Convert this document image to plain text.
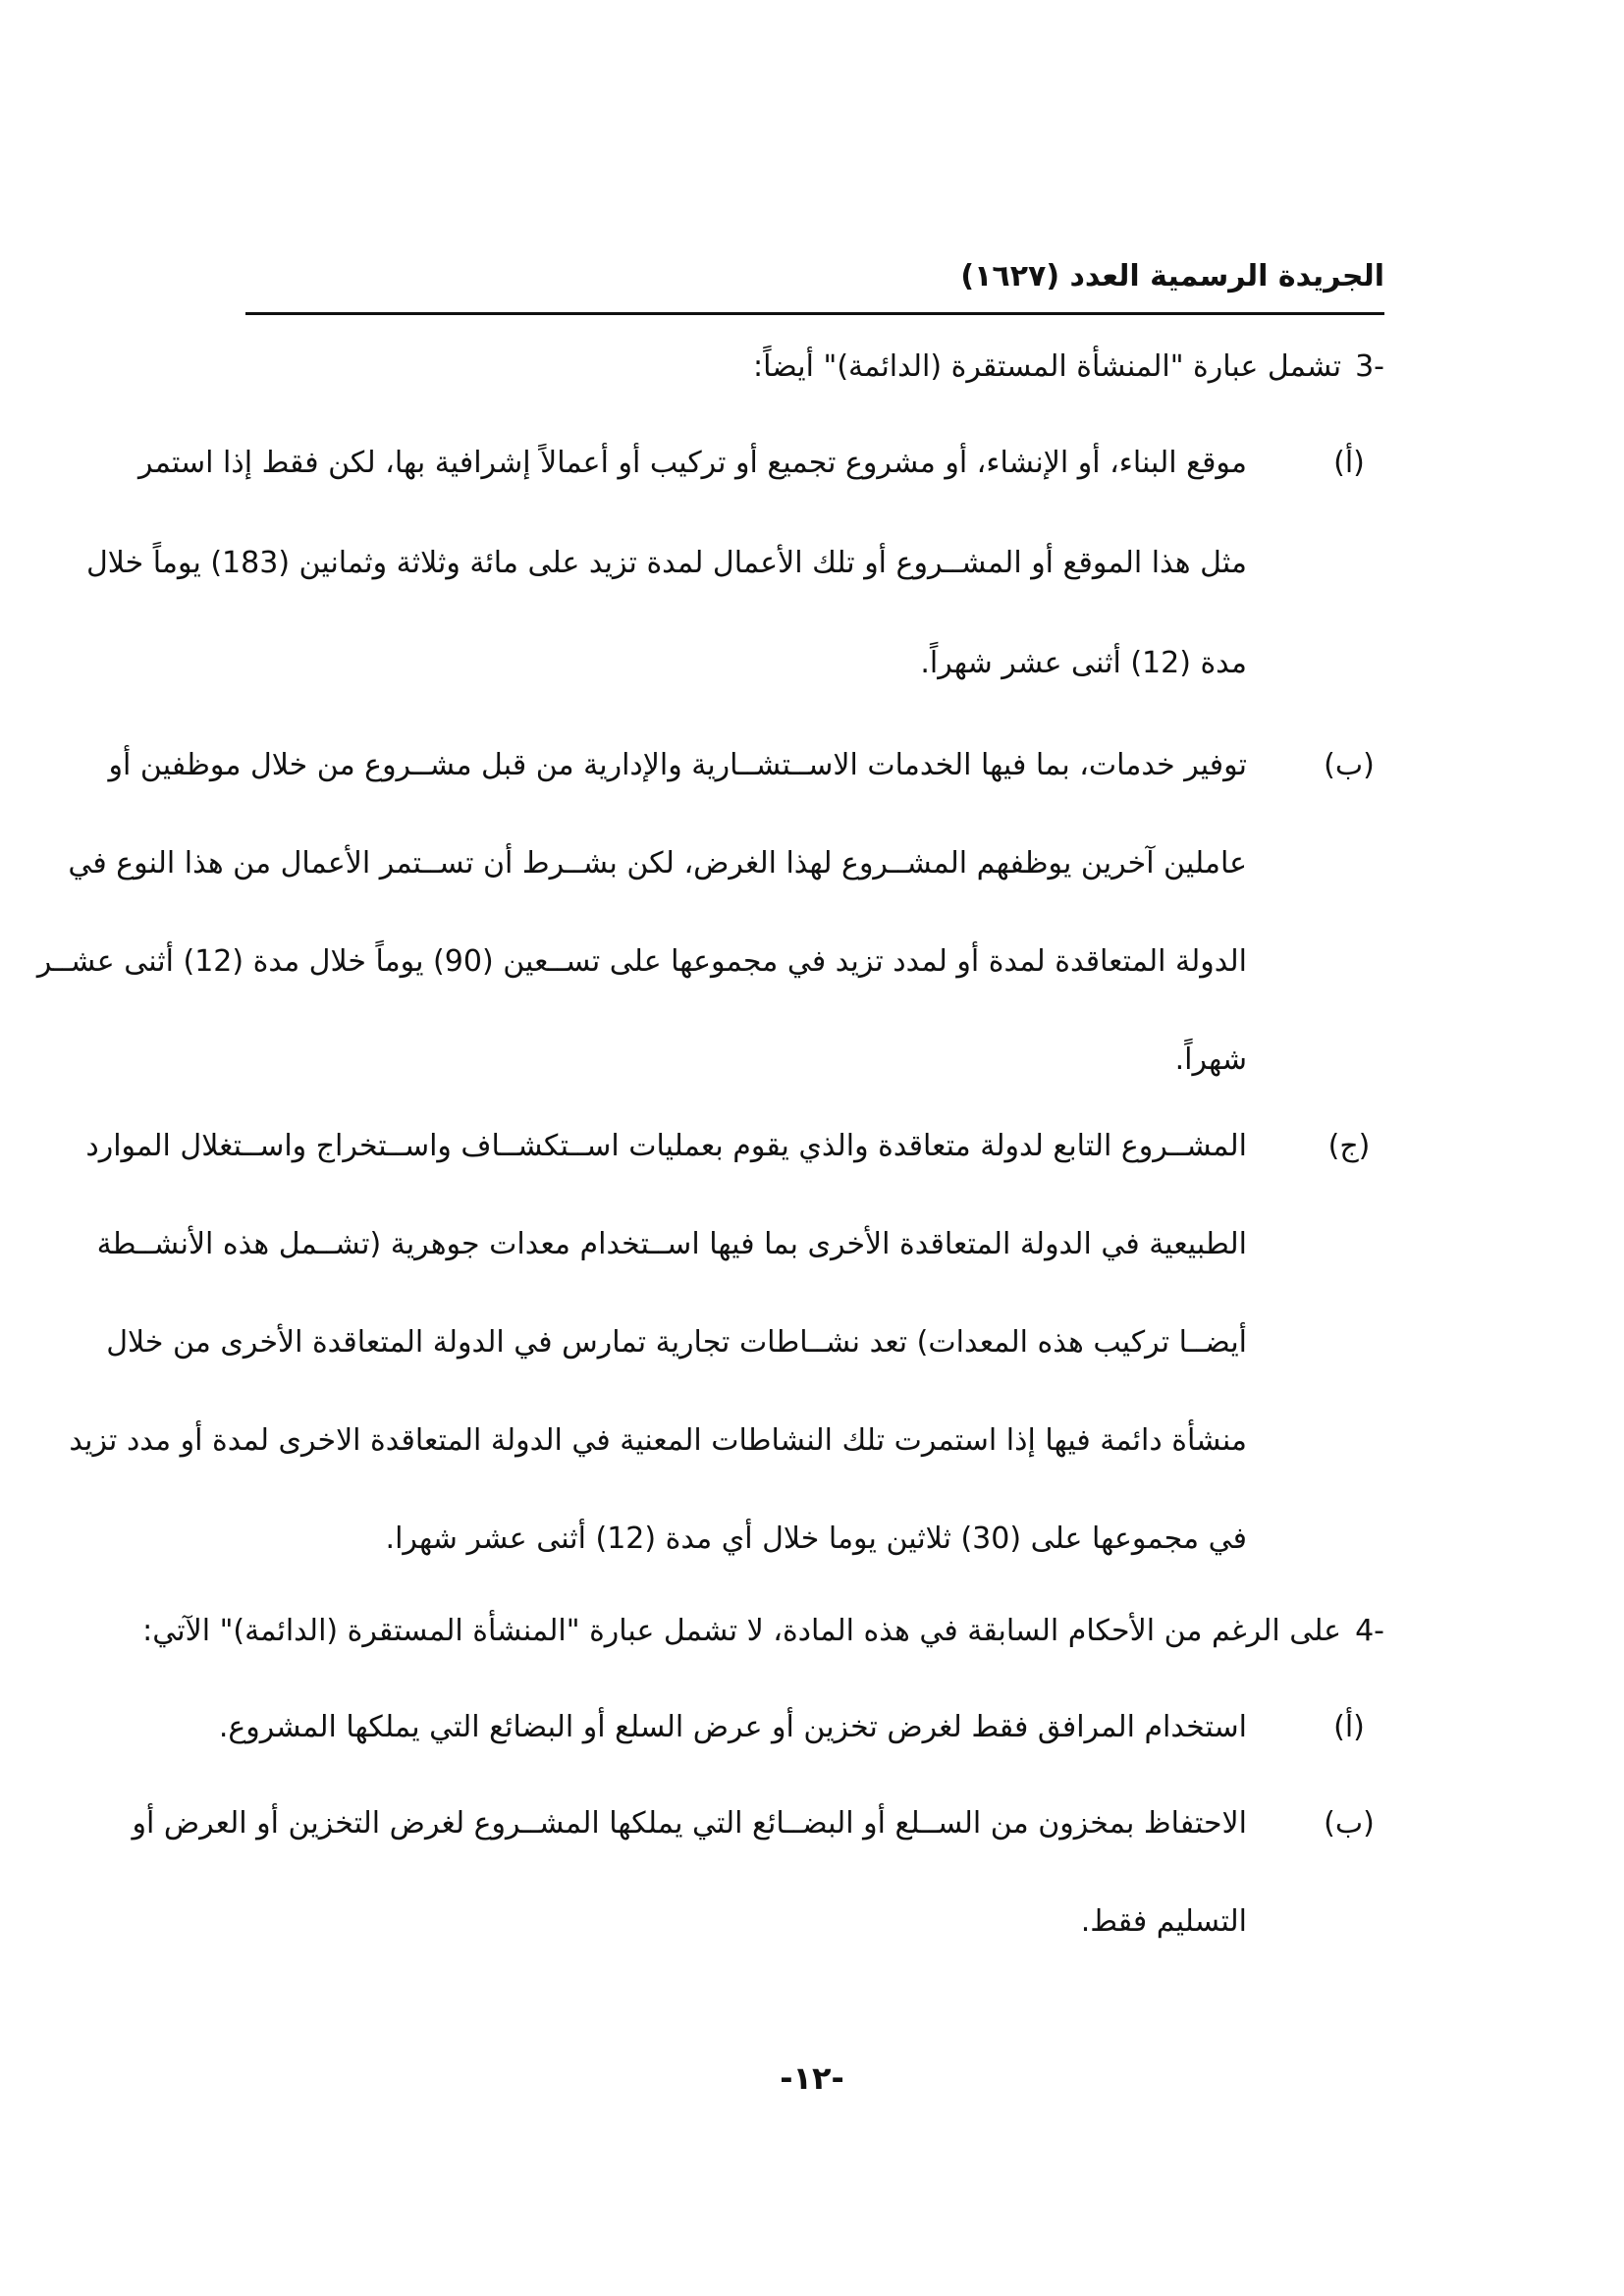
الجريدة الرسمية العدد (١٦٢٧)
-3تشمل عبارة "المنشأة المستقرة (الدائمة)" أيضاً:
(أ)
موقع البناء، أو الإنشاء، أو مشروع تجميع أو تركيب أو أعمالاً إشرافية بها، لكن فقط إذا استمر
مثل هذا الموقع أو المشــروع أو تلك الأعمال لمدة تزيد على مائة وثلاثة وثمانين (183) يوماً خلال
مدة (12) أثنى عشر شهراً.
(ب)
توفير خدمات، بما فيها الخدمات الاســتشــارية والإدارية من قبل مشــروع من خلال موظفين أو
عاملين آخرين يوظفهم المشــروع لهذا الغرض، لكن بشــرط أن تســتمر الأعمال من هذا النوع في
الدولة المتعاقدة لمدة أو لمدد تزيد في مجموعها على تســعين (90) يوماً خلال مدة (12) أثنى عشــر
شهراً.
(ج)
المشــروع التابع لدولة متعاقدة والذي يقوم بعمليات اســتكشــاف واســتخراج واســتغلال الموارد
الطبيعية في الدولة المتعاقدة الأخرى بما فيها اســتخدام معدات جوهرية (تشــمل هذه الأنشــطة
أيضــا تركيب هذه المعدات) تعد نشــاطات تجارية تمارس في الدولة المتعاقدة الأخرى من خلال
منشأة دائمة فيها إذا استمرت تلك النشاطات المعنية في الدولة المتعاقدة الاخرى لمدة أو مدد تزيد
في مجموعها على (30) ثلاثين يوما خلال أي مدة (12) أثنى عشر شهرا.
-4على الرغم من الأحكام السابقة في هذه المادة، لا تشمل عبارة "المنشأة المستقرة (الدائمة)" الآتي:
(أ)
استخدام المرافق فقط لغرض تخزين أو عرض السلع أو البضائع التي يملكها المشروع.
(ب)
الاحتفاظ بمخزون من الســلع أو البضــائع التي يملكها المشــروع لغرض التخزين أو العرض أو
التسليم فقط.
-١٢-
